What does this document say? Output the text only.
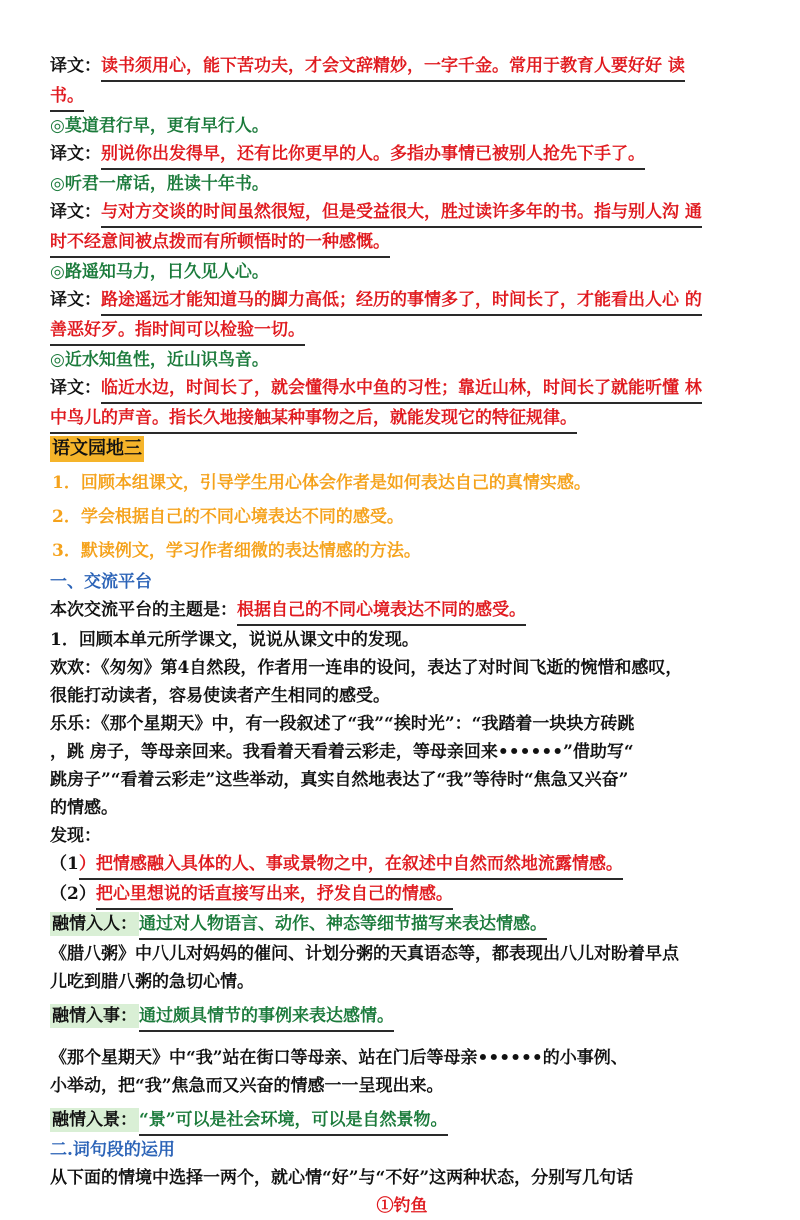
译文：读书须用心，能下苦功夫，才会文辞精妙，一字千金。常用于教育人要好好 读

书。

◎莫道君行早，更有早行人。

译文：别说你出发得早，还有比你更早的人。多指办事情已被别人抢先下手了。

◎听君一席话，胜读十年书。

译文：与对方交谈的时间虽然很短，但是受益很大，胜过读许多年的书。指与别人沟 通

时不经意间被点拨而有所顿悟时的一种感慨。

◎路遥知马力，日久见人心。

译文：路途遥远才能知道马的脚力高低；经历的事情多了，时间长了，才能看出人心 的

善恶好歹。指时间可以检验一切。

◎近水知鱼性，近山识鸟音。

译文：临近水边，时间长了，就会懂得水中鱼的习性；靠近山林，时间长了就能听懂 林

中鸟儿的声音。指长久地接触某种事物之后，就能发现它的特征规律。

语文园地三

1．回顾本组课文，引导学生用心体会作者是如何表达自己的真情实感。

2．学会根据自己的不同心境表达不同的感受。

3．默读例文，学习作者细微的表达情感的方法。

一、交流平台

本次交流平台的主题是：根据自己的不同心境表达不同的感受。

1．回顾本单元所学课文，说说从课文中的发现。

欢欢：《匆匆》第4自然段，作者用一连串的设问，表达了对时间飞逝的惋惜和感叹，

很能打动读者，容易使读者产生相同的感受。

乐乐：《那个星期天》中，有一段叙述了“我”“挨时光”：“我踏着一块块方砖跳

，跳 房子，等母亲回来。我看着天看着云彩走，等母亲回来••••••”借助写“

跳房子”“看着云彩走”这些举动，真实自然地表达了“我”等待时“焦急又兴奋”

的情感。

发现：

（1）把情感融入具体的人、事或景物之中，在叙述中自然而然地流露情感。

（2）把心里想说的话直接写出来，抒发自己的情感。

融情入人： 通过对人物语言、动作、神态等细节描写来表达情感。

《腊八粥》中八儿对妈妈的催问、计划分粥的天真语态等，都表现出八儿对盼着早点

儿吃到腊八粥的急切心情。

融情入事： 通过颇具情节的事例来表达感情。

《那个星期天》中“我”站在街口等母亲、站在门后等母亲••••••的小事例、

小举动，把“我”焦急而又兴奋的情感一一呈现出来。

融情入景： “景”可以是社会环境，可以是自然景物。

二.词句段的运用

从下面的情境中选择一两个，就心情“好”与“不好”这两种状态，分别写几句话

①钓鱼
